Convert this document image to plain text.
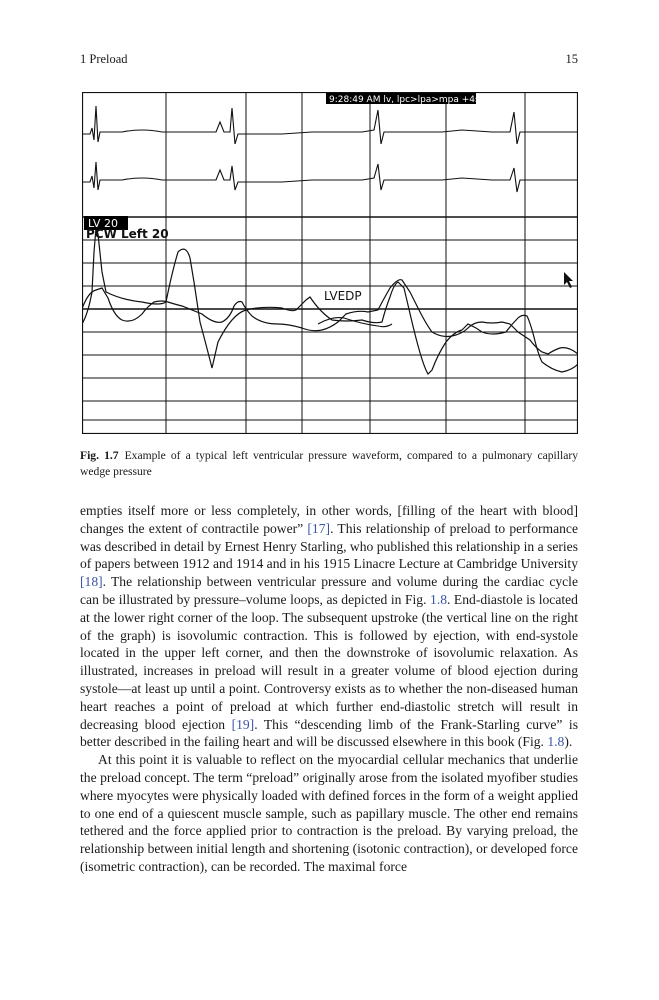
1 Preload	15
9:28:49 AM lv, lpc>lpa>mpa +4s
LV 20
PCW Left 20
LVEDP
Fig. 1.7 Example of a typical left ventricular pressure waveform, compared to a pulmonary capillary wedge pressure

empties itself more or less completely, in other words, [filling of the heart with blood] changes the extent of contractile power” [17]. This relationship of preload to performance was described in detail by Ernest Henry Starling, who published this relationship in a series of papers between 1912 and 1914 and in his 1915 Linacre Lecture at Cambridge University [18]. The relationship between ventricular pressure and volume during the cardiac cycle can be illustrated by pressure–volume loops, as depicted in Fig. 1.8. End-diastole is located at the lower right corner of the loop. The subsequent upstroke (the vertical line on the right of the graph) is isovolumic contraction. This is followed by ejection, with end-systole located in the upper left corner, and then the downstroke of isovolumic relaxation. As illustrated, increases in preload will result in a greater volume of blood ejection during systole—at least up until a point. Controversy exists as to whether the non-diseased human heart reaches a point of preload at which further end-diastolic stretch will result in decreasing blood ejection [19]. This “descending limb of the Frank-Starling curve” is better described in the failing heart and will be discussed elsewhere in this book (Fig. 1.8).

At this point it is valuable to reflect on the myocardial cellular mechanics that underlie the preload concept. The term “preload” originally arose from the isolated myofiber studies where myocytes were physically loaded with defined forces in the form of a weight applied to one end of a quiescent muscle sample, such as papillary muscle. The other end remains tethered and the force applied prior to contraction is the preload. By varying preload, the relationship between initial length and shortening (isotonic contraction), or developed force (isometric contraction), can be recorded. The maximal force
